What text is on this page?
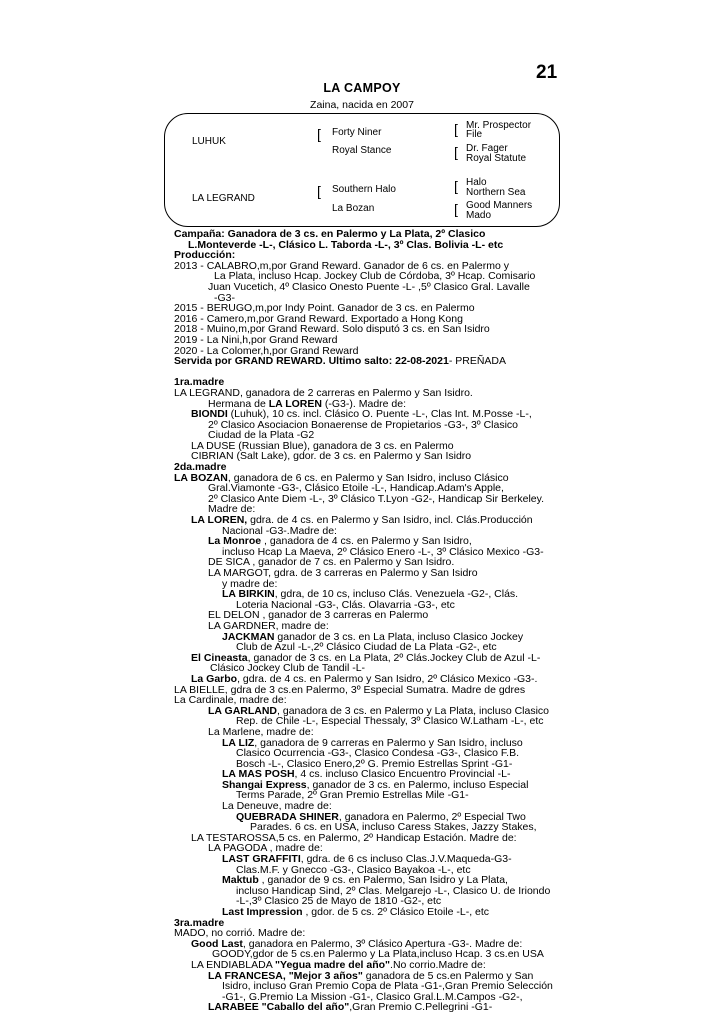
21
LA CAMPOY
Zaina, nacida en 2007
LUHUK
LA LEGRAND
[ Forty Niner
Royal Stance
[ Southern Halo
La Bozan
[ Mr. Prospector
File
[ Dr. Fager
Royal Statute
[ Halo
Northern Sea
[ Good Manners
Mado
Campaña: Ganadora de 3 cs. en Palermo y La Plata, 2º Clasico
L.Monteverde -L-, Clásico L. Taborda -L-, 3º Clas. Bolivia -L- etc
Producción:
2013 - CALABRO,m,por Grand Reward. Ganador de 6 cs. en Palermo y
La Plata, incluso Hcap. Jockey Club de Córdoba, 3º Hcap. Comisario
Juan Vucetich, 4º Clasico Onesto Puente -L- ,5º Clasico Gral. Lavalle
-G3-
2015 - BERUGO,m,por Indy Point. Ganador de 3 cs. en Palermo
2016 - Camero,m,por Grand Reward. Exportado a Hong Kong
2018 - Muino,m,por Grand Reward. Solo disputó 3 cs. en San Isidro
2019 - La Nini,h,por Grand Reward
2020 - La Colomer,h,por Grand Reward
Servida por GRAND REWARD. Ultimo salto: 22-08-2021- PREÑADA
1ra.madre
LA LEGRAND, ganadora de 2 carreras en Palermo y San Isidro.
Hermana de LA LOREN (-G3-). Madre de:
BIONDI (Luhuk), 10 cs. incl. Clásico O. Puente -L-, Clas Int. M.Posse -L-,
2º Clasico Asociacion Bonaerense de Propietarios -G3-, 3º Clasico
Ciudad de la Plata -G2
LA DUSE (Russian Blue), ganadora de 3 cs. en Palermo
CIBRIAN (Salt Lake), gdor. de 3 cs. en Palermo y San Isidro
2da.madre
LA BOZAN, ganadora de 6 cs. en Palermo y San Isidro, incluso Clásico
Gral.Viamonte -G3-, Clásico Etoile -L-, Handicap.Adam's Apple,
2º Clasico Ante Diem -L-, 3º Clásico T.Lyon -G2-, Handicap Sir Berkeley.
Madre de:
LA LOREN, gdra. de 4 cs. en Palermo y San Isidro, incl. Clás.Producción
Nacional -G3-.Madre de:
La Monroe , ganadora de 4 cs. en Palermo y San Isidro,
incluso Hcap La Maeva, 2º Clásico Enero -L-, 3º Clásico Mexico -G3-
DE SICA , ganador de 7 cs. en Palermo y San Isidro.
LA MARGOT, gdra. de 3 carreras en Palermo y San Isidro
y madre de:
LA BIRKIN, gdra, de 10 cs, incluso Clás. Venezuela -G2-, Clás.
Loteria Nacional -G3-, Clás. Olavarria -G3-, etc
EL DELON , ganador de 3 carreras en Palermo
LA GARDNER, madre de:
JACKMAN ganador de 3 cs. en La Plata, incluso Clasico Jockey
Club de Azul -L-,2º Clásico Ciudad de La Plata -G2-, etc
El Cineasta, ganador de 3 cs. en La Plata, 2º Clás.Jockey Club de Azul -L-
Clásico Jockey Club de Tandil -L-
La Garbo, gdra. de 4 cs. en Palermo y San Isidro, 2º Clásico Mexico -G3-.
LA BIELLE, gdra de 3 cs.en Palermo, 3º Especial Sumatra. Madre de gdres
La Cardinale, madre de:
LA GARLAND, ganadora de 3 cs. en Palermo y La Plata, incluso Clasico
Rep. de Chile -L-, Especial Thessaly, 3º Clasico W.Latham -L-, etc
La Marlene, madre de:
LA LIZ, ganadora de 9 carreras en Palermo y San Isidro, incluso
Clasico Ocurrencia -G3-, Clasico Condesa -G3-, Clasico F.B.
Bosch -L-, Clasico Enero,2º G. Premio Estrellas Sprint -G1-
LA MAS POSH, 4 cs. incluso Clasico Encuentro Provincial -L-
Shangai Express, ganador de 3 cs. en Palermo, incluso Especial
Terms Parade, 2º Gran Premio Estrellas Mile -G1-
La Deneuve, madre de:
QUEBRADA SHINER, ganadora en Palermo, 2º Especial Two
Parades. 6 cs. en USA, incluso Caress Stakes, Jazzy Stakes,
LA TESTAROSSA,5 cs. en Palermo, 2º Handicap Estación. Madre de:
LA PAGODA , madre de:
LAST GRAFFITI, gdra. de 6 cs incluso Clas.J.V.Maqueda-G3-
Clas.M.F. y Gnecco -G3-, Clasico Bayakoa -L-, etc
Maktub , ganador de 9 cs. en Palermo, San Isidro y La Plata,
incluso Handicap Sind, 2º Clas. Melgarejo -L-, Clasico U. de Iriondo
-L-,3º Clasico 25 de Mayo de 1810 -G2-, etc
Last Impression , gdor. de 5 cs. 2º Clásico Etoile -L-, etc
3ra.madre
MADO, no corrió. Madre de:
Good Last, ganadora en Palermo, 3º Clásico Apertura -G3-. Madre de:
GOODY,gdor de 5 cs.en Palermo y La Plata,incluso Hcap. 3 cs.en USA
LA ENDIABLADA "Yegua madre del año".No corrio.Madre de:
LA FRANCESA, "Mejor 3 años" ganadora de 5 cs.en Palermo y San
Isidro, incluso Gran Premio Copa de Plata -G1-,Gran Premio Selección
-G1-, G.Premio La Mission -G1-, Clasico Gral.L.M.Campos -G2-,
LARABEE "Caballo del año",Gran Premio C.Pellegrini -G1-
